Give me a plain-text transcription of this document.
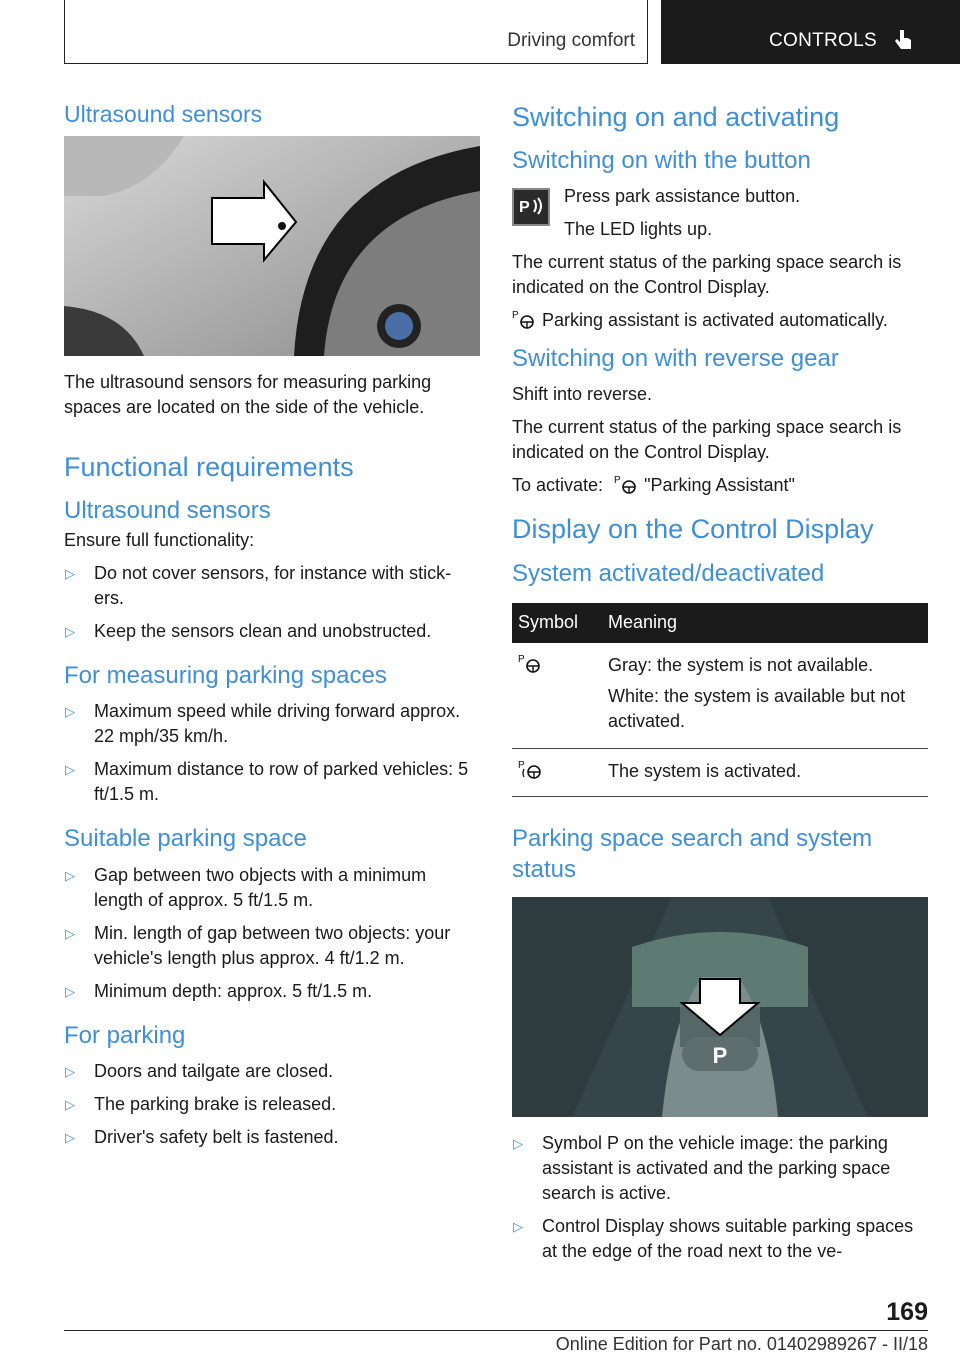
Driving comfort	CONTROLS
Ultrasound sensors

The ultrasound sensors for measuring parking spaces are located on the side of the vehicle.

Functional requirements
Ultrasound sensors

Ensure full functionality:

▷ Do not cover sensors, for instance with stick‐ers.
▷ Keep the sensors clean and unobstructed.
For measuring parking spaces
▷ Maximum speed while driving forward approx. 22 mph/35 km/h.
▷ Maximum distance to row of parked vehicles: 5 ft/1.5 m.
Suitable parking space
▷ Gap between two objects with a minimum length of approx. 5 ft/1.5 m.
▷ Min. length of gap between two objects: your vehicle's length plus approx. 4 ft/1.2 m.
▷ Minimum depth: approx. 5 ft/1.5 m.
For parking
▷ Doors and tailgate are closed.
▷ The parking brake is released.
▷ Driver's safety belt is fastened.
Switching on and activating
Switching on with the button
P

Press park assistance button.

The LED lights up.

The current status of the parking space search is indicated on the Control Display.

P Parking assistant is activated automatically.

Switching on with reverse gear

Shift into reverse.

The current status of the parking space search is indicated on the Control Display.

To activate: P "Parking Assistant"

Display on the Control Display
System activated/deactivated
Symbol	Meaning

P	Gray: the system is not available.

White: the system is available but not activated.

P	The system is activated.
Parking space search and system status
P
▷ Symbol P on the vehicle image: the parking assistant is activated and the parking space search is active.
▷ Control Display shows suitable parking spaces at the edge of the road next to the ve‐
169
Online Edition for Part no. 01402989267 - II/18
